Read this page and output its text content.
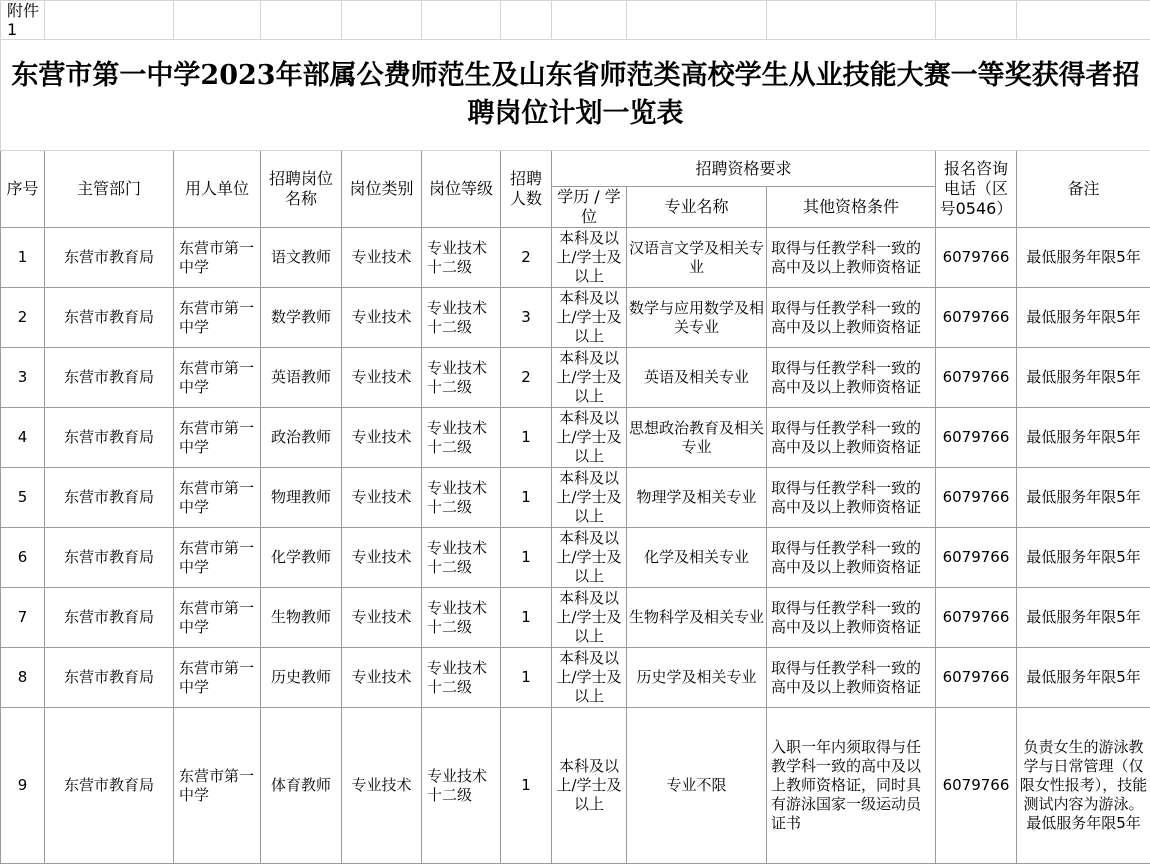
附件1											
东营市第一中学2023年部属公费师范生及山东省师范类高校学生从业技能大赛一等奖获得者招聘岗位计划一览表											
序号	主管部门	用人单位	招聘岗位名称	岗位类别	岗位等级	招聘人数	招聘资格要求			报名咨询电话（区号0546）	备注
							学历 / 学位	专业名称	其他资格条件		
1	东营市教育局	东营市第一中学	语文教师	专业技术	专业技术十二级	2	本科及以上/学士及以上	汉语言文学及相关专业	取得与任教学科一致的高中及以上教师资格证	6079766	最低服务年限5年
2	东营市教育局	东营市第一中学	数学教师	专业技术	专业技术十二级	3	本科及以上/学士及以上	数学与应用数学及相关专业	取得与任教学科一致的高中及以上教师资格证	6079766	最低服务年限5年
3	东营市教育局	东营市第一中学	英语教师	专业技术	专业技术十二级	2	本科及以上/学士及以上	英语及相关专业	取得与任教学科一致的高中及以上教师资格证	6079766	最低服务年限5年
4	东营市教育局	东营市第一中学	政治教师	专业技术	专业技术十二级	1	本科及以上/学士及以上	思想政治教育及相关专业	取得与任教学科一致的高中及以上教师资格证	6079766	最低服务年限5年
5	东营市教育局	东营市第一中学	物理教师	专业技术	专业技术十二级	1	本科及以上/学士及以上	物理学及相关专业	取得与任教学科一致的高中及以上教师资格证	6079766	最低服务年限5年
6	东营市教育局	东营市第一中学	化学教师	专业技术	专业技术十二级	1	本科及以上/学士及以上	化学及相关专业	取得与任教学科一致的高中及以上教师资格证	6079766	最低服务年限5年
7	东营市教育局	东营市第一中学	生物教师	专业技术	专业技术十二级	1	本科及以上/学士及以上	生物科学及相关专业	取得与任教学科一致的高中及以上教师资格证	6079766	最低服务年限5年
8	东营市教育局	东营市第一中学	历史教师	专业技术	专业技术十二级	1	本科及以上/学士及以上	历史学及相关专业	取得与任教学科一致的高中及以上教师资格证	6079766	最低服务年限5年
9	东营市教育局	东营市第一中学	体育教师	专业技术	专业技术十二级	1	本科及以上/学士及以上	专业不限	入职一年内须取得与任教学科一致的高中及以上教师资格证，同时具有游泳国家一级运动员证书	6079766	负责女生的游泳教学与日常管理（仅限女性报考），技能测试内容为游泳。最低服务年限5年
